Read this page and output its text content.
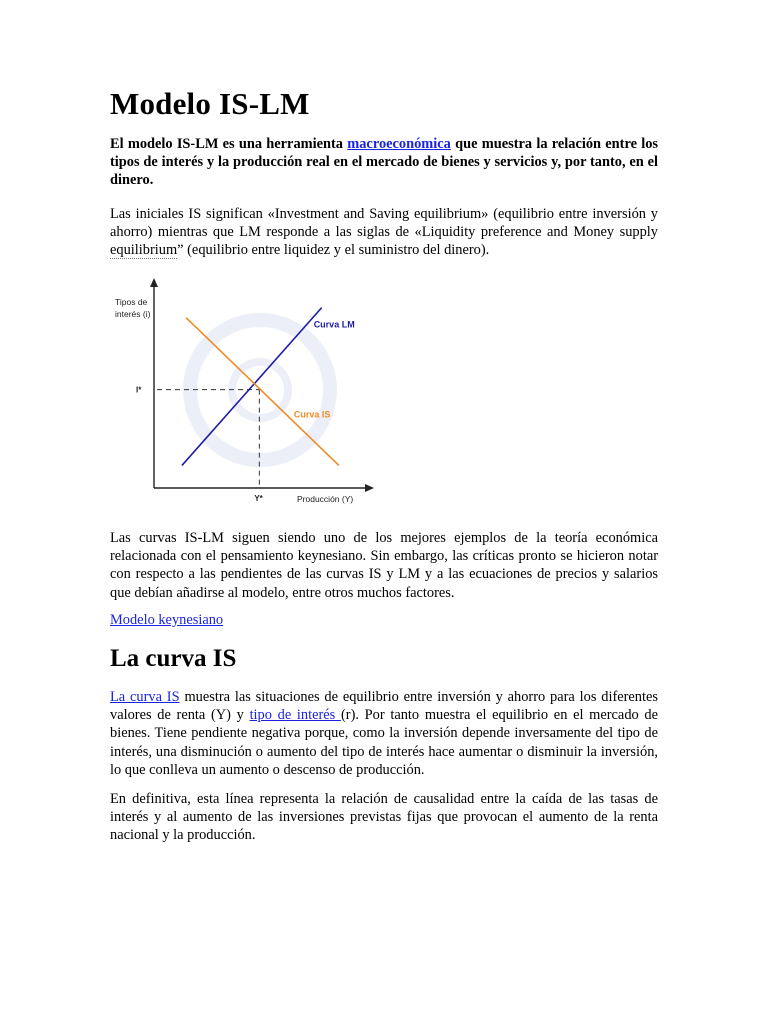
Modelo IS-LM

El modelo IS-LM es una herramienta macroeconómica que muestra la relación entre los tipos de interés y la producción real en el mercado de bienes y servicios y, por tanto, en el dinero.

Las iniciales IS significan «Investment and Saving equilibrium» (equilibrio entre inversión y ahorro) mientras que LM responde a las siglas de «Liquidity preference and Money supply equilibrium” (equilibrio entre liquidez y el suministro del dinero).

Tipos de
interés (i)
Producción (Y)
I*
Y*
Curva LM
Curva IS

Las curvas IS-LM siguen siendo uno de los mejores ejemplos de la teoría económica relacionada con el pensamiento keynesiano. Sin embargo, las críticas pronto se hicieron notar con respecto a las pendientes de las curvas IS y LM y a las ecuaciones de precios y salarios que debían añadirse al modelo, entre otros muchos factores.

Modelo keynesiano
La curva IS

La curva IS muestra las situaciones de equilibrio entre inversión y ahorro para los diferentes valores de renta (Y) y tipo de interés (r). Por tanto muestra el equilibrio en el mercado de bienes. Tiene pendiente negativa porque, como la inversión depende inversamente del tipo de interés, una disminución o aumento del tipo de interés hace aumentar o disminuir la inversión, lo que conlleva un aumento o descenso de producción.

En definitiva, esta línea representa la relación de causalidad entre la caída de las tasas de interés y al aumento de las inversiones previstas fijas que provocan el aumento de la renta nacional y la producción.
